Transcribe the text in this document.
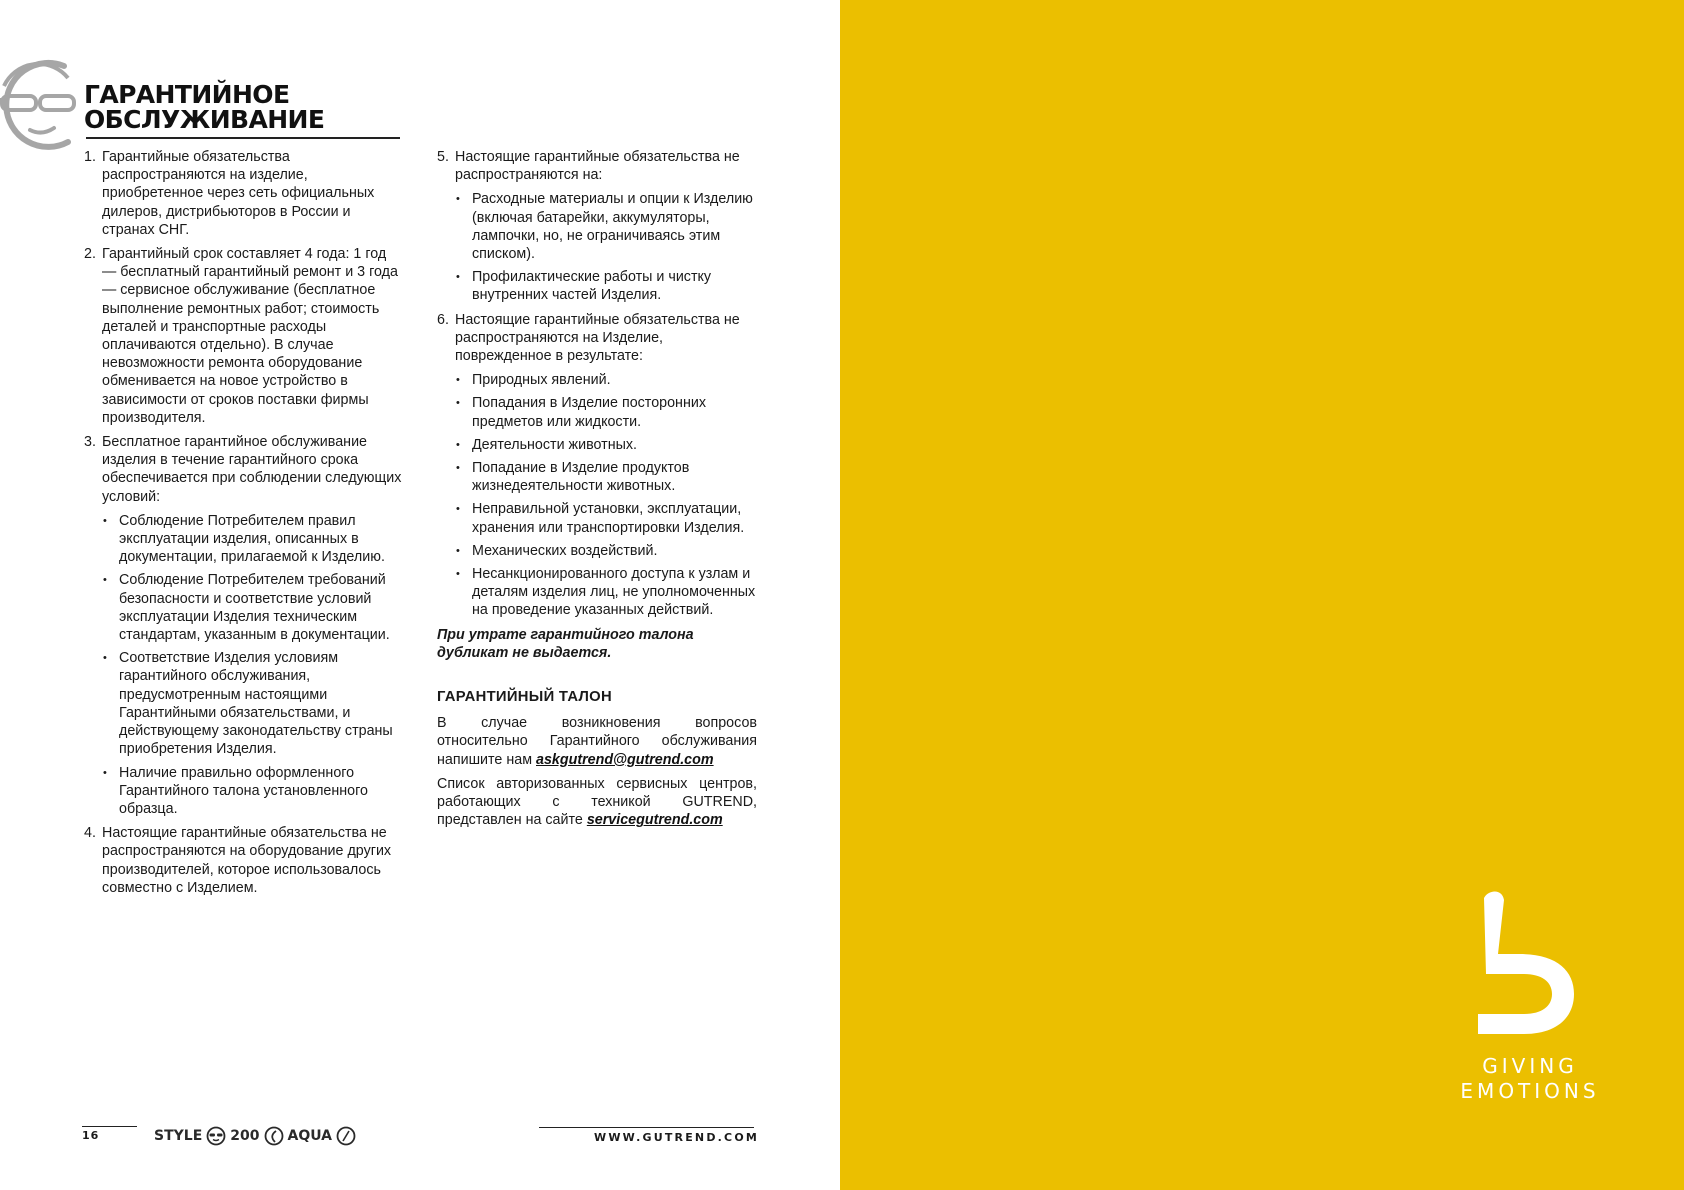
ГАРАНТИЙНОЕ
ОБСЛУЖИВАНИЕ
1. Гарантийные обязательства распространяются на изделие, приобретенное через сеть официальных дилеров, дистрибьюторов в России и странах СНГ.
2. Гарантийный срок составляет 4 года: 1 год — бесплатный гарантийный ремонт и 3 года — сервисное обслуживание (бесплатное выполнение ремонтных работ; стоимость деталей и транспортные расходы оплачиваются отдельно). В случае невозможности ремонта оборудование обменивается на новое устройство в зависимости от сроков поставки фирмы производителя.
3. Бесплатное гарантийное обслуживание изделия в течение гарантийного срока обеспечивается при соблюдении следующих условий:
• Соблюдение Потребителем правил эксплуатации изделия, описанных в документации, прилагаемой к Изделию.
• Соблюдение Потребителем требований безопасности и соответствие условий эксплуатации Изделия техническим стандартам, указанным в документации.
• Соответствие Изделия условиям гарантийного обслуживания, предусмотренным настоящими Гарантийными обязательствами, и действующему законодательству страны приобретения Изделия.
• Наличие правильно оформленного Гарантийного талона установленного образца.
4. Настоящие гарантийные обязательства не распространяются на оборудование других производителей, которое использовалось совместно с Изделием.
5. Настоящие гарантийные обязательства не распространяются на:
• Расходные материалы и опции к Изделию (включая батарейки, аккумуляторы, лампочки, но, не ограничиваясь этим списком).
• Профилактические работы и чистку внутренних частей Изделия.
6. Настоящие гарантийные обязательства не распространяются на Изделие, поврежденное в результате:
• Природных явлений.
• Попадания в Изделие посторонних предметов или жидкости.
• Деятельности животных.
• Попадание в Изделие продуктов жизнедеятельности животных.
• Неправильной установки, эксплуатации, хранения или транспортировки Изделия.
• Механических воздействий.
• Несанкционированного доступа к узлам и деталям изделия лиц, не уполномоченных на проведение указанных действий.

При утрате гарантийного талона дубликат не выдается.

ГАРАНТИЙНЫЙ ТАЛОН

В случае возникновения вопросов относительно Гарантийного обслуживания напишите нам askgutrend@gutrend.com

Список авторизованных сервисных центров, работающих с техникой GUTREND, представлен на сайте servicegutrend.com

16	STYLE 200 AQUA	WWW.GUTREND.COM
GIVING
EMOTIONS
